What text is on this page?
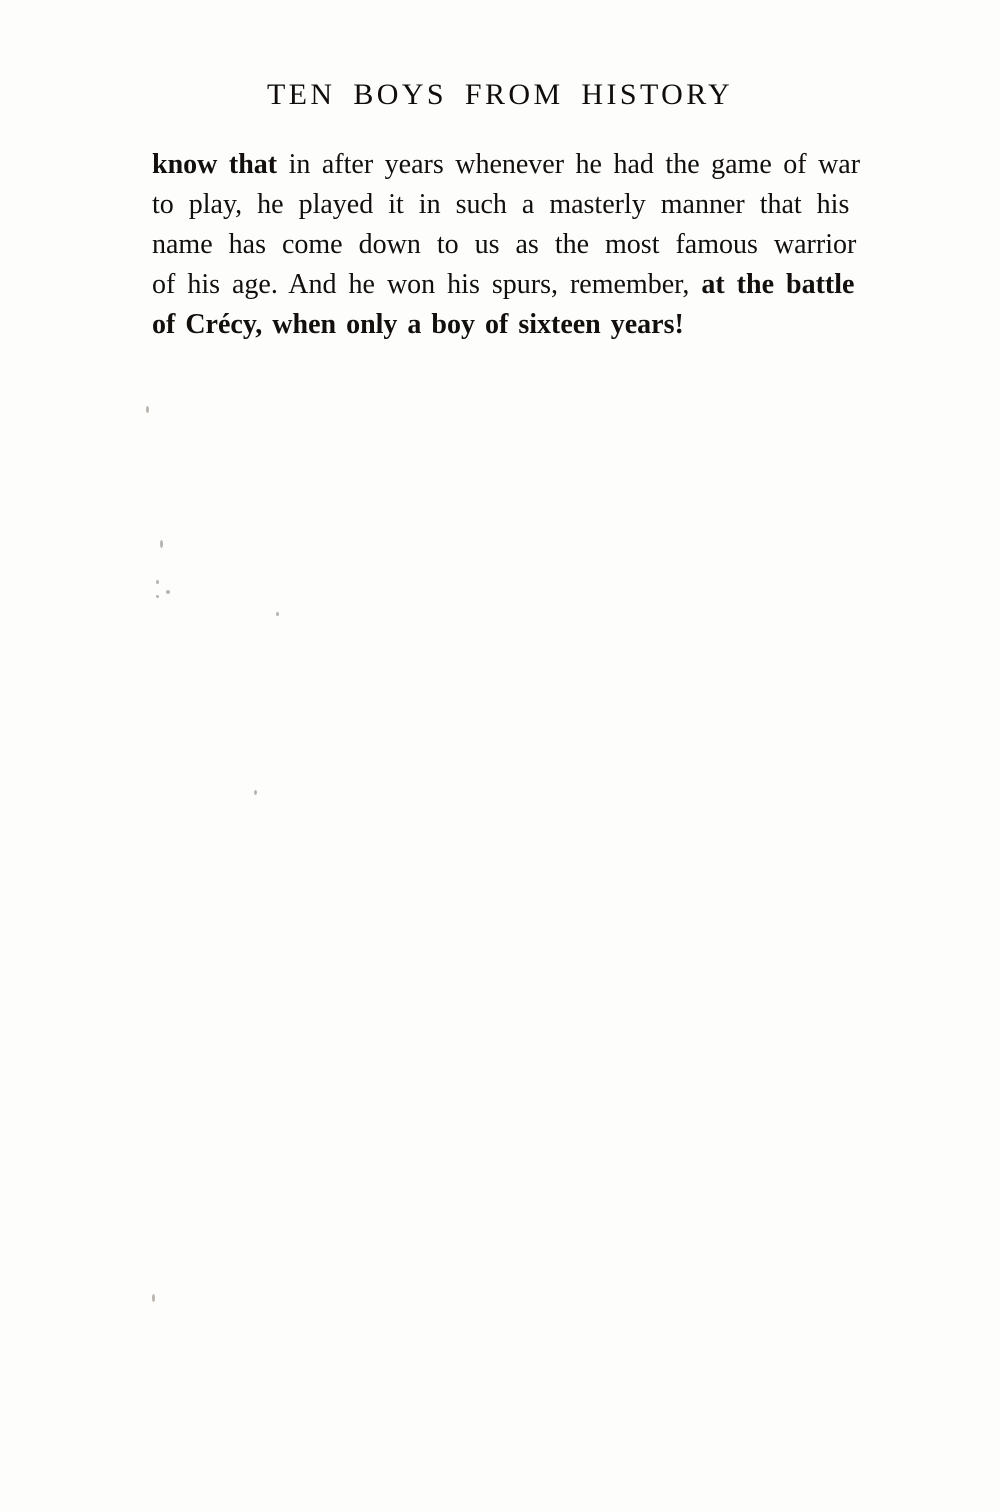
TEN BOYS FROM HISTORY
know that in after years whenever he had the game of war
to play, he played it in such a masterly manner that his
name has come down to us as the most famous warrior
of his age. And he won his spurs, remember, at the battle
of Crécy, when only a boy of sixteen years!
